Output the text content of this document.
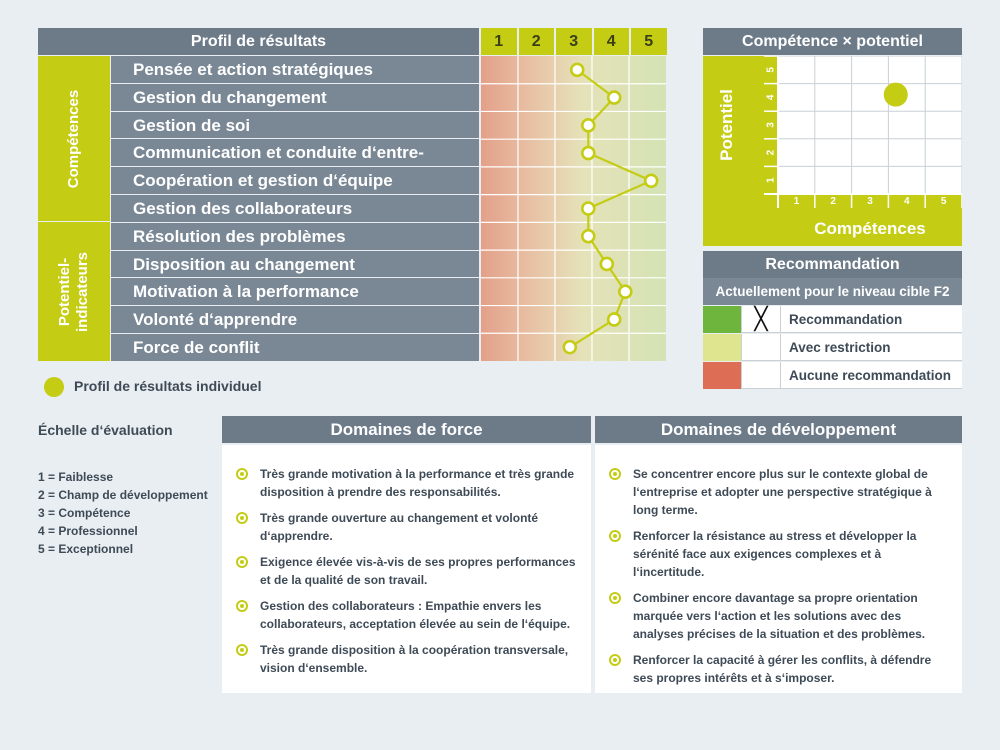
Profil de résultats	1	2	3	4	5
Compétences
Potentiel-
indicateurs
Pensée et action stratégiques
Gestion du changement
Gestion de soi
Communication et conduite d‘entre-
Coopération et gestion d‘équipe
Gestion des collaborateurs
Résolution des problèmes
Disposition au changement
Motivation à la performance
Volonté d‘apprendre
Force de conflit
Profil de résultats individuel
Compétence × potentiel
1
2
3
4
5
1	2	3	4	5
Potentiel
Compétences
Recommandation
Actuellement pour le niveau cible F2
╳	Recommandation
Avec restriction
Aucune recommandation
Échelle d‘évaluation
1 = Faiblesse
2 = Champ de développement
3 = Compétence
4 = Professionnel
5 = Exceptionnel
Domaines de force
Très grande motivation à la performance et très grande disposition à prendre des responsabilités.
Très grande ouverture au changement et volonté d‘apprendre.
Exigence élevée vis-à-vis de ses propres performances et de la qualité de son travail.
Gestion des collaborateurs : Empathie envers les collaborateurs, acceptation élevée au sein de l‘équipe.
Très grande disposition à la coopération transversale, vision d‘ensemble.
Domaines de développement
Se concentrer encore plus sur le contexte global de l‘entreprise et adopter une perspective stratégique à long terme.
Renforcer la résistance au stress et développer la sérénité face aux exigences complexes et à l‘incertitude.
Combiner encore davantage sa propre orientation marquée vers l‘action et les solutions avec des analyses précises de la situation et des problèmes.
Renforcer la capacité à gérer les conflits, à défendre ses propres intérêts et à s‘imposer.
